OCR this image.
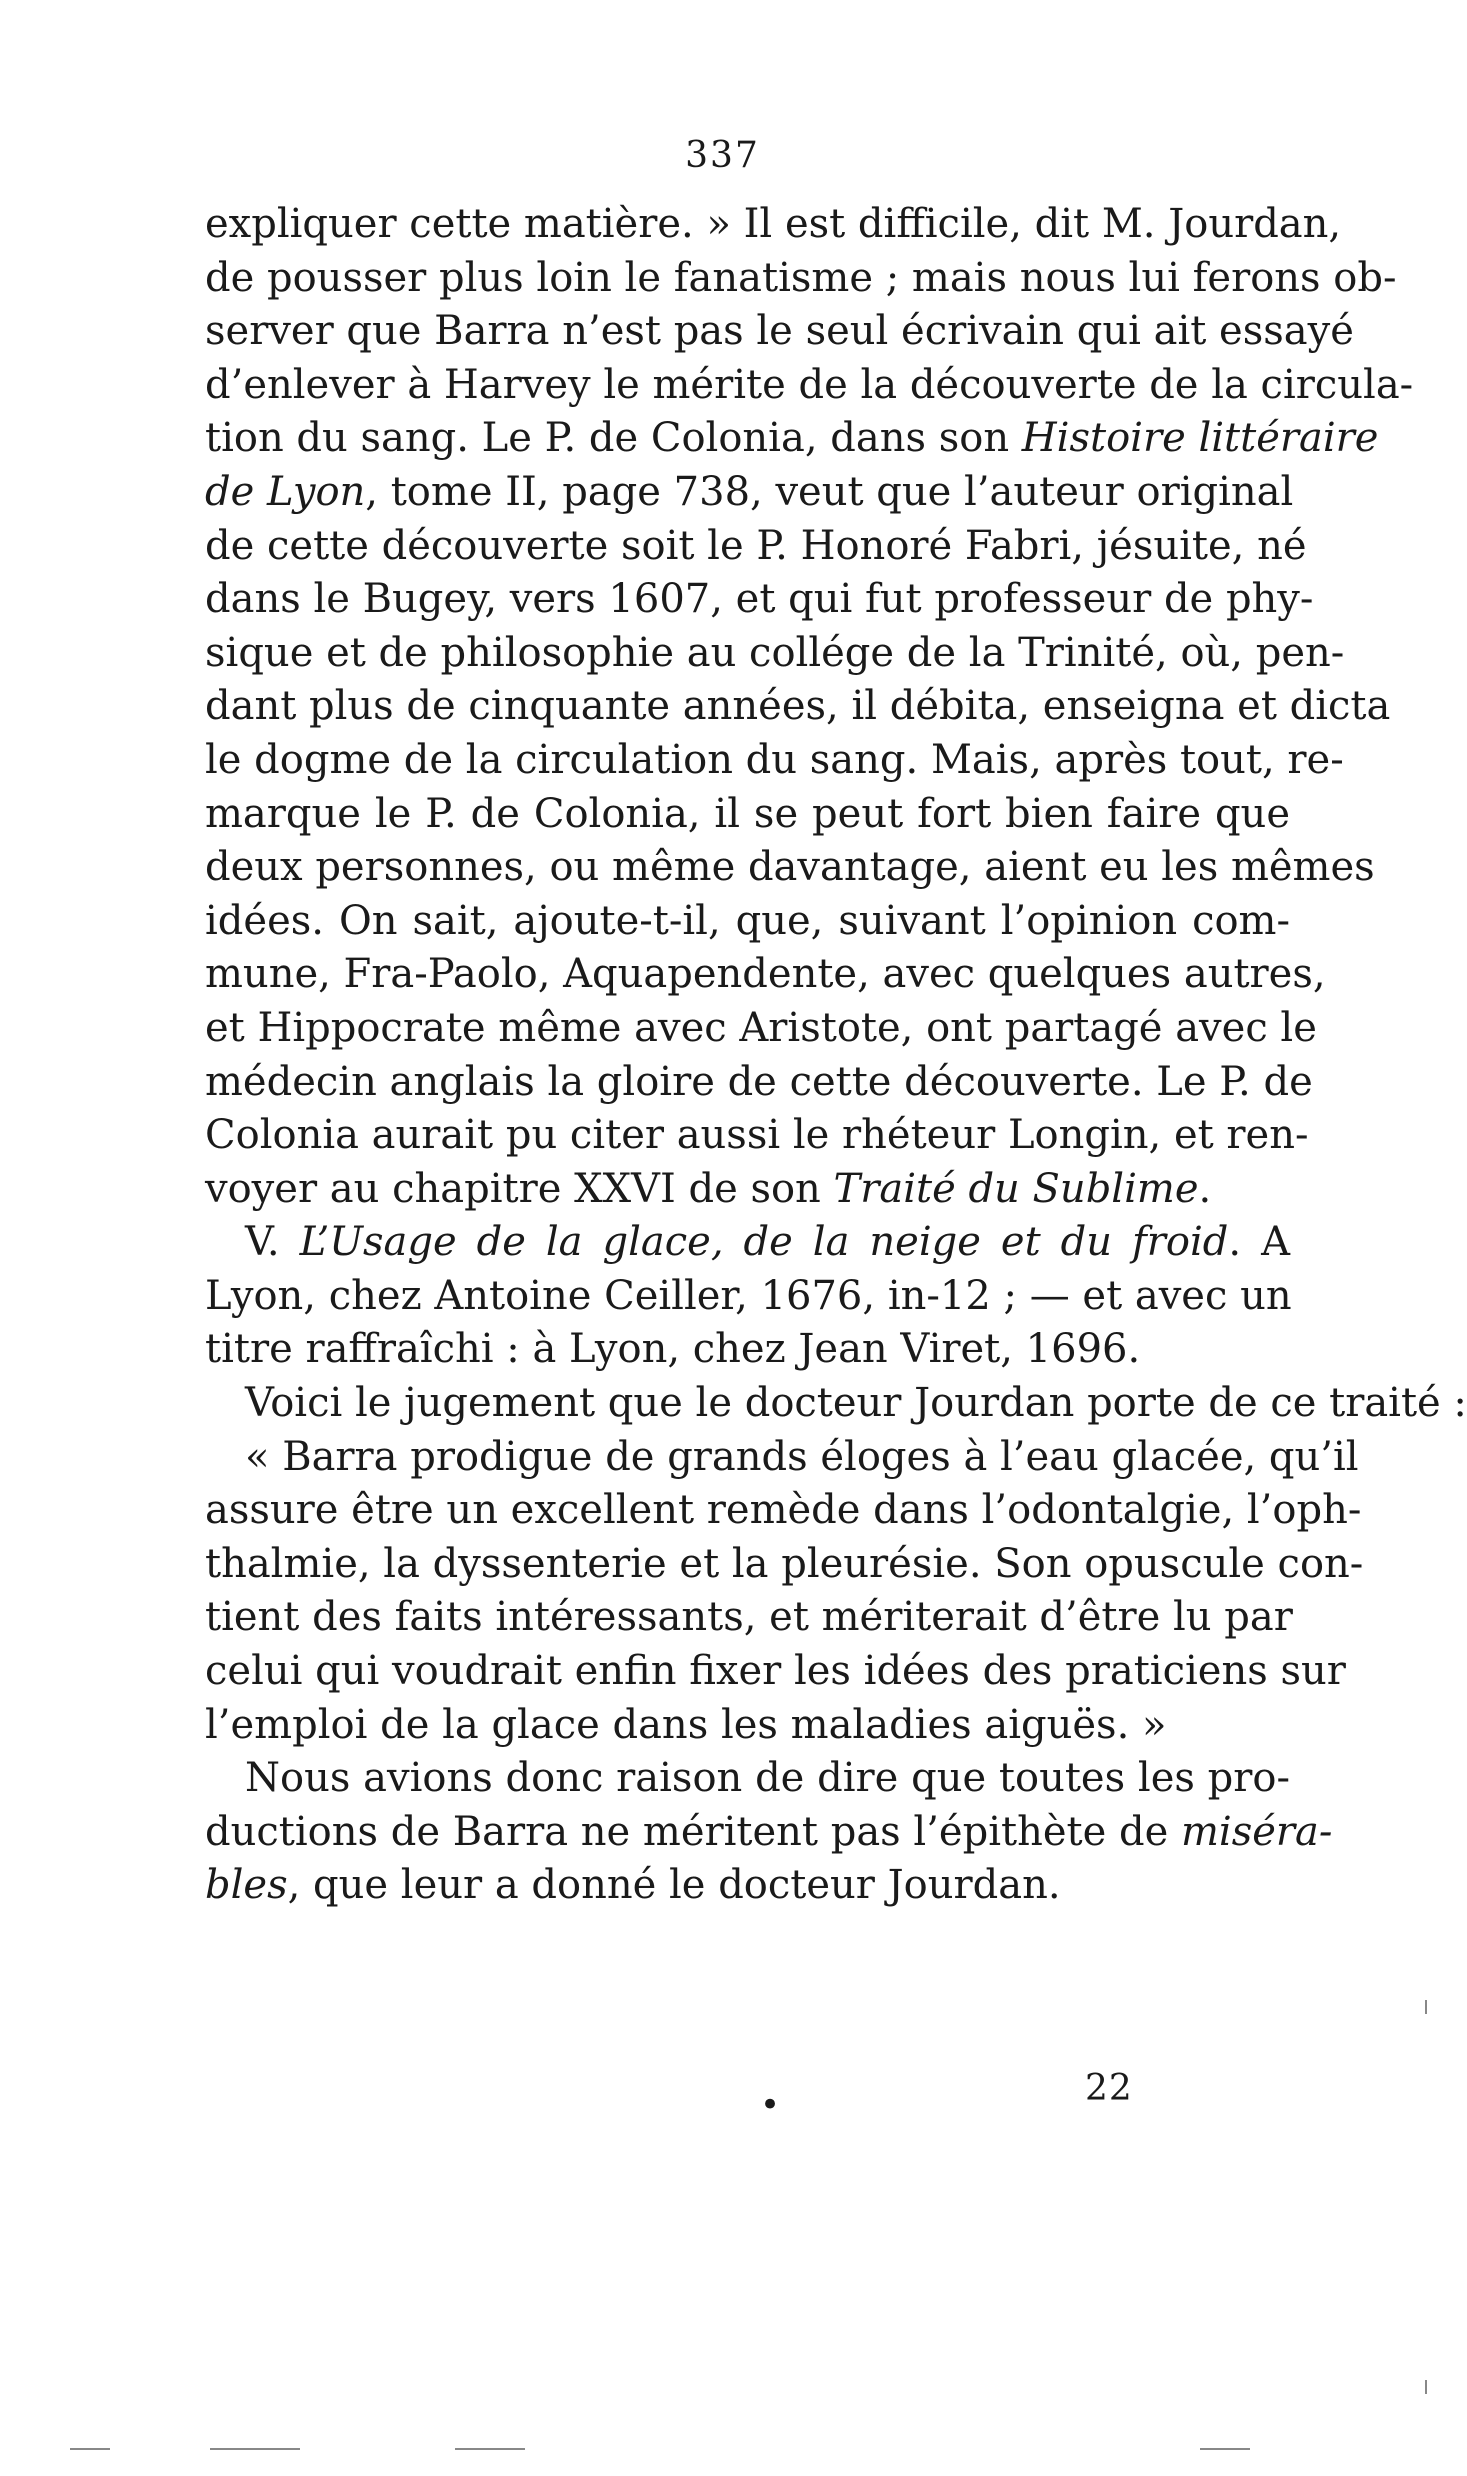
337
expliquer cette matière. » Il est difficile, dit M. Jourdan,
de pousser plus loin le fanatisme ; mais nous lui ferons ob-
server que Barra n’est pas le seul écrivain qui ait essayé
d’enlever à Harvey le mérite de la découverte de la circula-
tion du sang. Le P. de Colonia, dans son Histoire littéraire
de Lyon, tome II, page 738, veut que l’auteur original
de cette découverte soit le P. Honoré Fabri, jésuite, né
dans le Bugey, vers 1607, et qui fut professeur de phy-
sique et de philosophie au collége de la Trinité, où, pen-
dant plus de cinquante années, il débita, enseigna et dicta
le dogme de la circulation du sang. Mais, après tout, re-
marque le P. de Colonia, il se peut fort bien faire que
deux personnes, ou même davantage, aient eu les mêmes
idées. On sait, ajoute-t-il, que, suivant l’opinion com-
mune, Fra-Paolo, Aquapendente, avec quelques autres,
et Hippocrate même avec Aristote, ont partagé avec le
médecin anglais la gloire de cette découverte. Le P. de
Colonia aurait pu citer aussi le rhéteur Longin, et ren-
voyer au chapitre XXVI de son Traité du Sublime.
V. L’Usage de la glace, de la neige et du froid. A
Lyon, chez Antoine Ceiller, 1676, in-12 ; — et avec un
titre raffraîchi : à Lyon, chez Jean Viret, 1696.
Voici le jugement que le docteur Jourdan porte de ce traité :
« Barra prodigue de grands éloges à l’eau glacée, qu’il
assure être un excellent remède dans l’odontalgie, l’oph-
thalmie, la dyssenterie et la pleurésie. Son opuscule con-
tient des faits intéressants, et mériterait d’être lu par
celui qui voudrait enfin fixer les idées des praticiens sur
l’emploi de la glace dans les maladies aiguës. »
Nous avions donc raison de dire que toutes les pro-
ductions de Barra ne méritent pas l’épithète de miséra-
bles, que leur a donné le docteur Jourdan.
•	22
